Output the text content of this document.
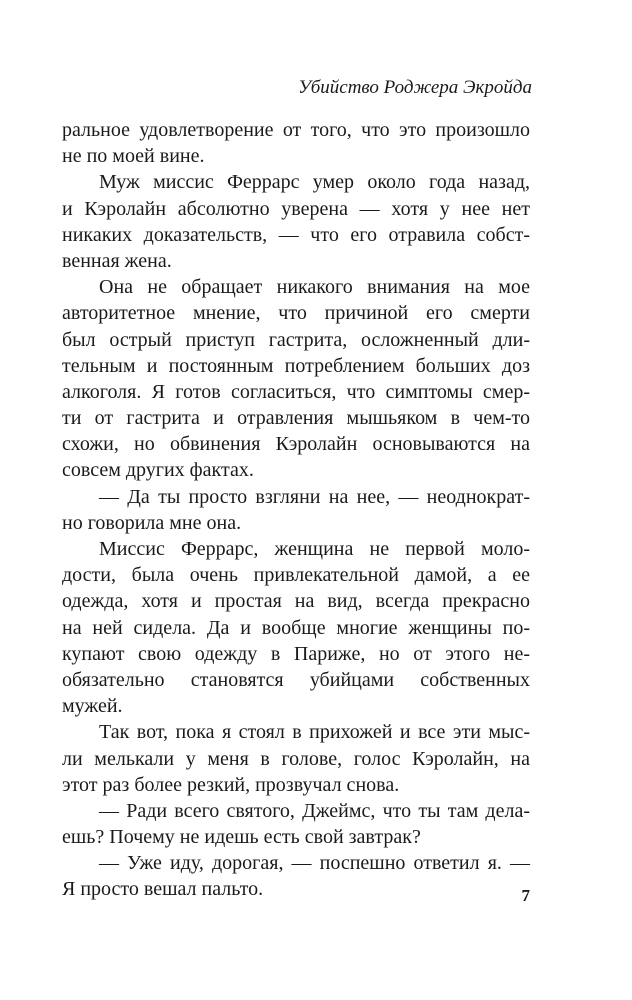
Убийство Роджера Экройда
ральное удовлетворение от того, что это произошло
не по моей вине.
Муж миссис Феррарс умер около года назад,
и Кэролайн абсолютно уверена — хотя у нее нет
никаких доказательств, — что его отравила собст-
венная жена.
Она не обращает никакого внимания на мое
авторитетное мнение, что причиной его смерти
был острый приступ гастрита, осложненный дли-
тельным и постоянным потреблением больших доз
алкоголя. Я готов согласиться, что симптомы смер-
ти от гастрита и отравления мышьяком в чем-то
схожи, но обвинения Кэролайн основываются на
совсем других фактах.
— Да ты просто взгляни на нее, — неоднократ-
но говорила мне она.
Миссис Феррарс, женщина не первой моло-
дости, была очень привлекательной дамой, а ее
одежда, хотя и простая на вид, всегда прекрасно
на ней сидела. Да и вообще многие женщины по-
купают свою одежду в Париже, но от этого не-
обязательно становятся убийцами собственных
мужей.
Так вот, пока я стоял в прихожей и все эти мыс-
ли мелькали у меня в голове, голос Кэролайн, на
этот раз более резкий, прозвучал снова.
— Ради всего святого, Джеймс, что ты там дела-
ешь? Почему не идешь есть свой завтрак?
— Уже иду, дорогая, — поспешно ответил я. —
Я просто вешал пальто.	7
